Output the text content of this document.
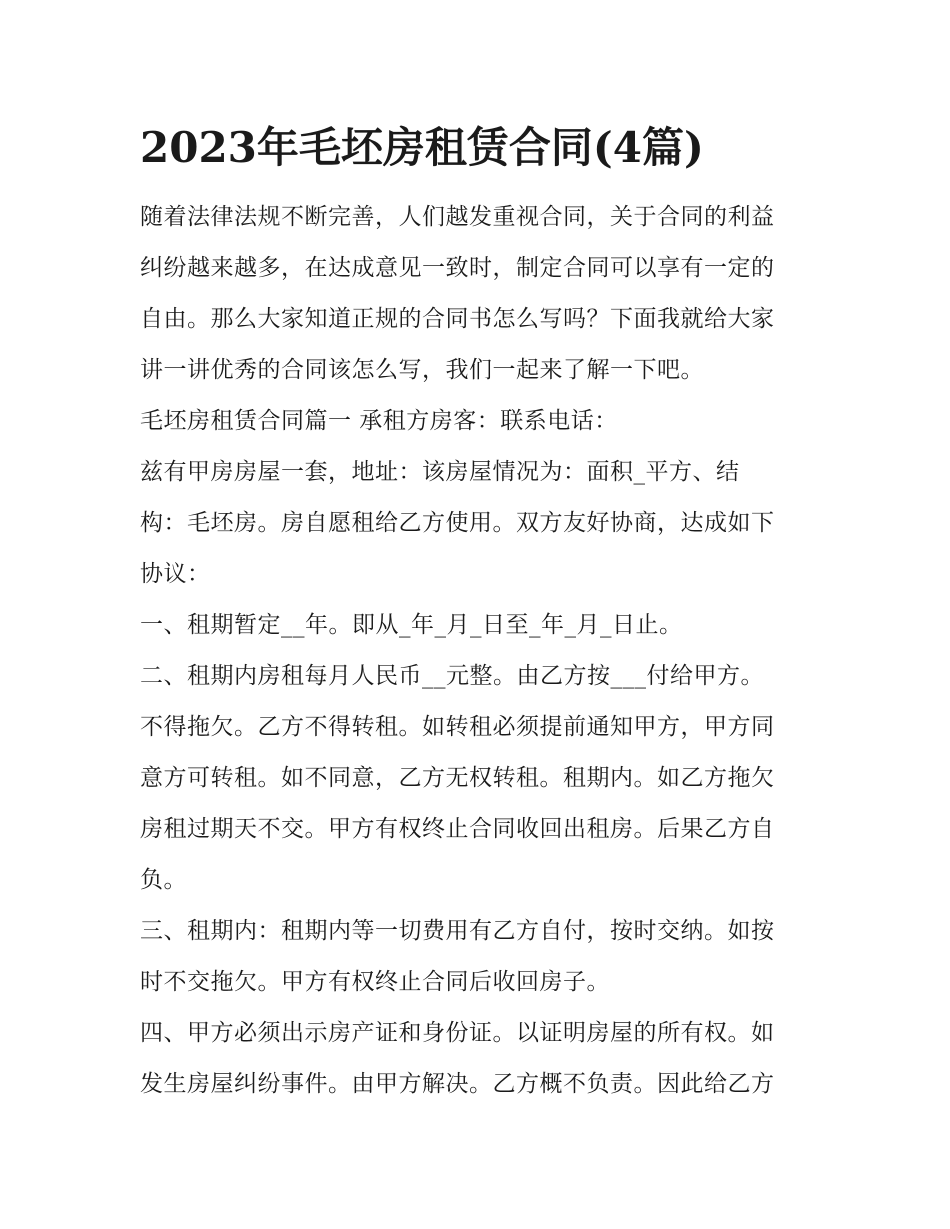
2023年毛坯房租赁合同(4篇)
随着法律法规不断完善，人们越发重视合同，关于合同的利益
纠纷越来越多，在达成意见一致时，制定合同可以享有一定的
自由。那么大家知道正规的合同书怎么写吗？下面我就给大家
讲一讲优秀的合同该怎么写，我们一起来了解一下吧。
毛坯房租赁合同篇一 承租方房客：联系电话：
兹有甲房房屋一套，地址：该房屋情况为：面积_平方、结
构：毛坯房。房自愿租给乙方使用。双方友好协商，达成如下
协议：
一、租期暂定__年。即从_年_月_日至_年_月_日止。
二、租期内房租每月人民币__元整。由乙方按___付给甲方。
不得拖欠。乙方不得转租。如转租必须提前通知甲方，甲方同
意方可转租。如不同意，乙方无权转租。租期内。如乙方拖欠
房租过期天不交。甲方有权终止合同收回出租房。后果乙方自
负。
三、租期内：租期内等一切费用有乙方自付，按时交纳。如按
时不交拖欠。甲方有权终止合同后收回房子。
四、甲方必须出示房产证和身份证。以证明房屋的所有权。如
发生房屋纠纷事件。由甲方解决。乙方概不负责。因此给乙方
